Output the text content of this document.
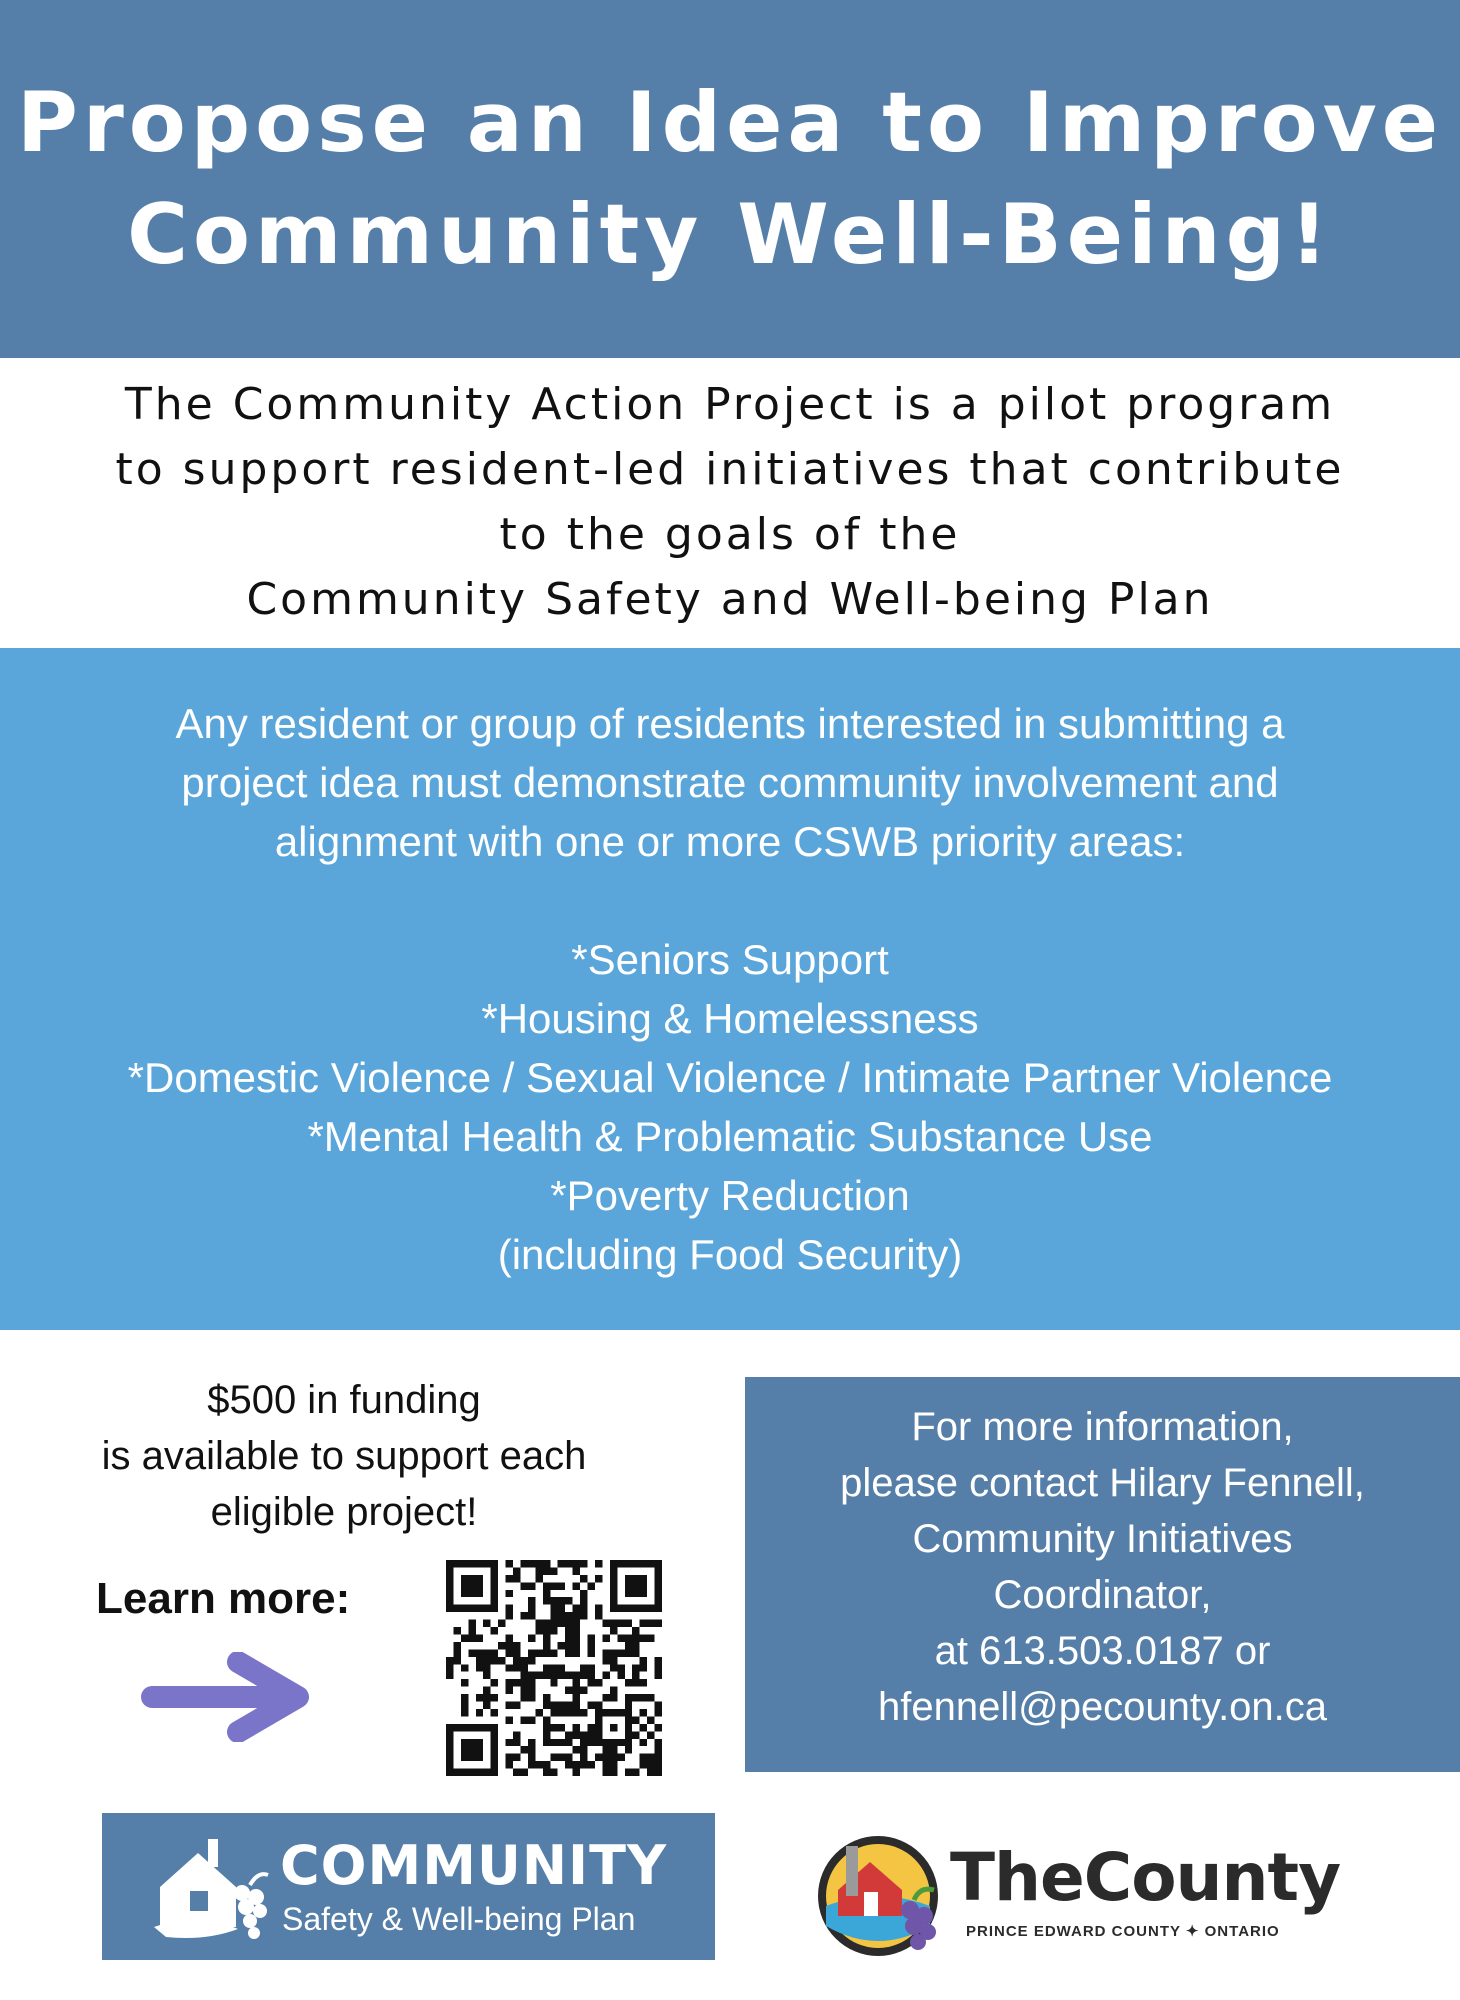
Propose an Idea to Improve
Community Well-Being!
The Community Action Project is a pilot program
to support resident-led initiatives that contribute
to the goals of the
Community Safety and Well-being Plan
Any resident or group of residents interested in submitting a
project idea must demonstrate community involvement and
alignment with one or more CSWB priority areas:
*Seniors Support
*Housing & Homelessness
*Domestic Violence / Sexual Violence / Intimate Partner Violence
*Mental Health & Problematic Substance Use
*Poverty Reduction
(including Food Security)
$500 in funding
is available to support each
eligible project!
Learn more:
For more information,
please contact Hilary Fennell,
Community Initiatives
Coordinator,
at 613.503.0187 or
hfennell@pecounty.on.ca
COMMUNITY
Safety & Well-being Plan
TheCounty
PRINCE EDWARD COUNTY ✦ ONTARIO
